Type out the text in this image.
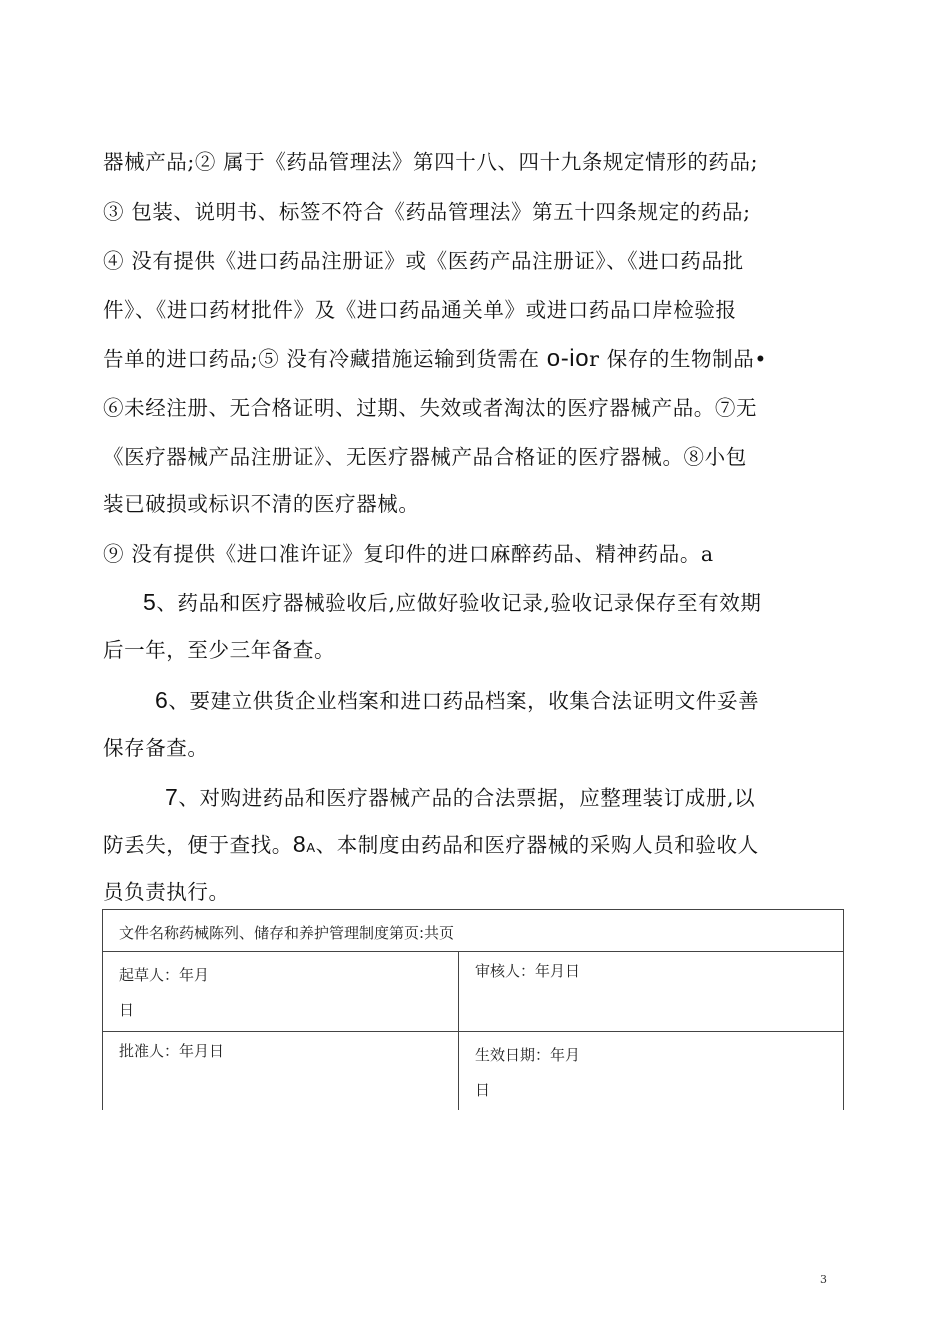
器械产品;② 属于《药品管理法》第四十八、四十九条规定情形的药品;
③ 包装、说明书、标签不符合《药品管理法》第五十四条规定的药品;
④ 没有提供《进口药品注册证》或《医药产品注册证》、《进口药品批
件》、《进口药材批件》及《进口药品通关单》或进口药品口岸检验报
告单的进口药品;⑤ 没有冷藏措施运输到货需在 o-ior 保存的生物制品•
⑥未经注册、无合格证明、过期、失效或者淘汰的医疗器械产品。⑦无
《医疗器械产品注册证》、无医疗器械产品合格证的医疗器械。⑧小包
装已破损或标识不清的医疗器械。
⑨ 没有提供《进口准许证》复印件的进口麻醉药品、精神药品。a
5、药品和医疗器械验收后,应做好验收记录,验收记录保存至有效期
后一年，至少三年备查。
6、要建立供货企业档案和进口药品档案，收集合法证明文件妥善
保存备查。
7、对购进药品和医疗器械产品的合法票据，应整理装订成册,以
防丢失，便于查找。8A、本制度由药品和医疗器械的采购人员和验收人
员负责执行。
文件名称药械陈列、储存和养护管理制度第页:共页	

起草人：年月
日	审核人：年月日

批准人：年月日	生效日期：年月
日
3
